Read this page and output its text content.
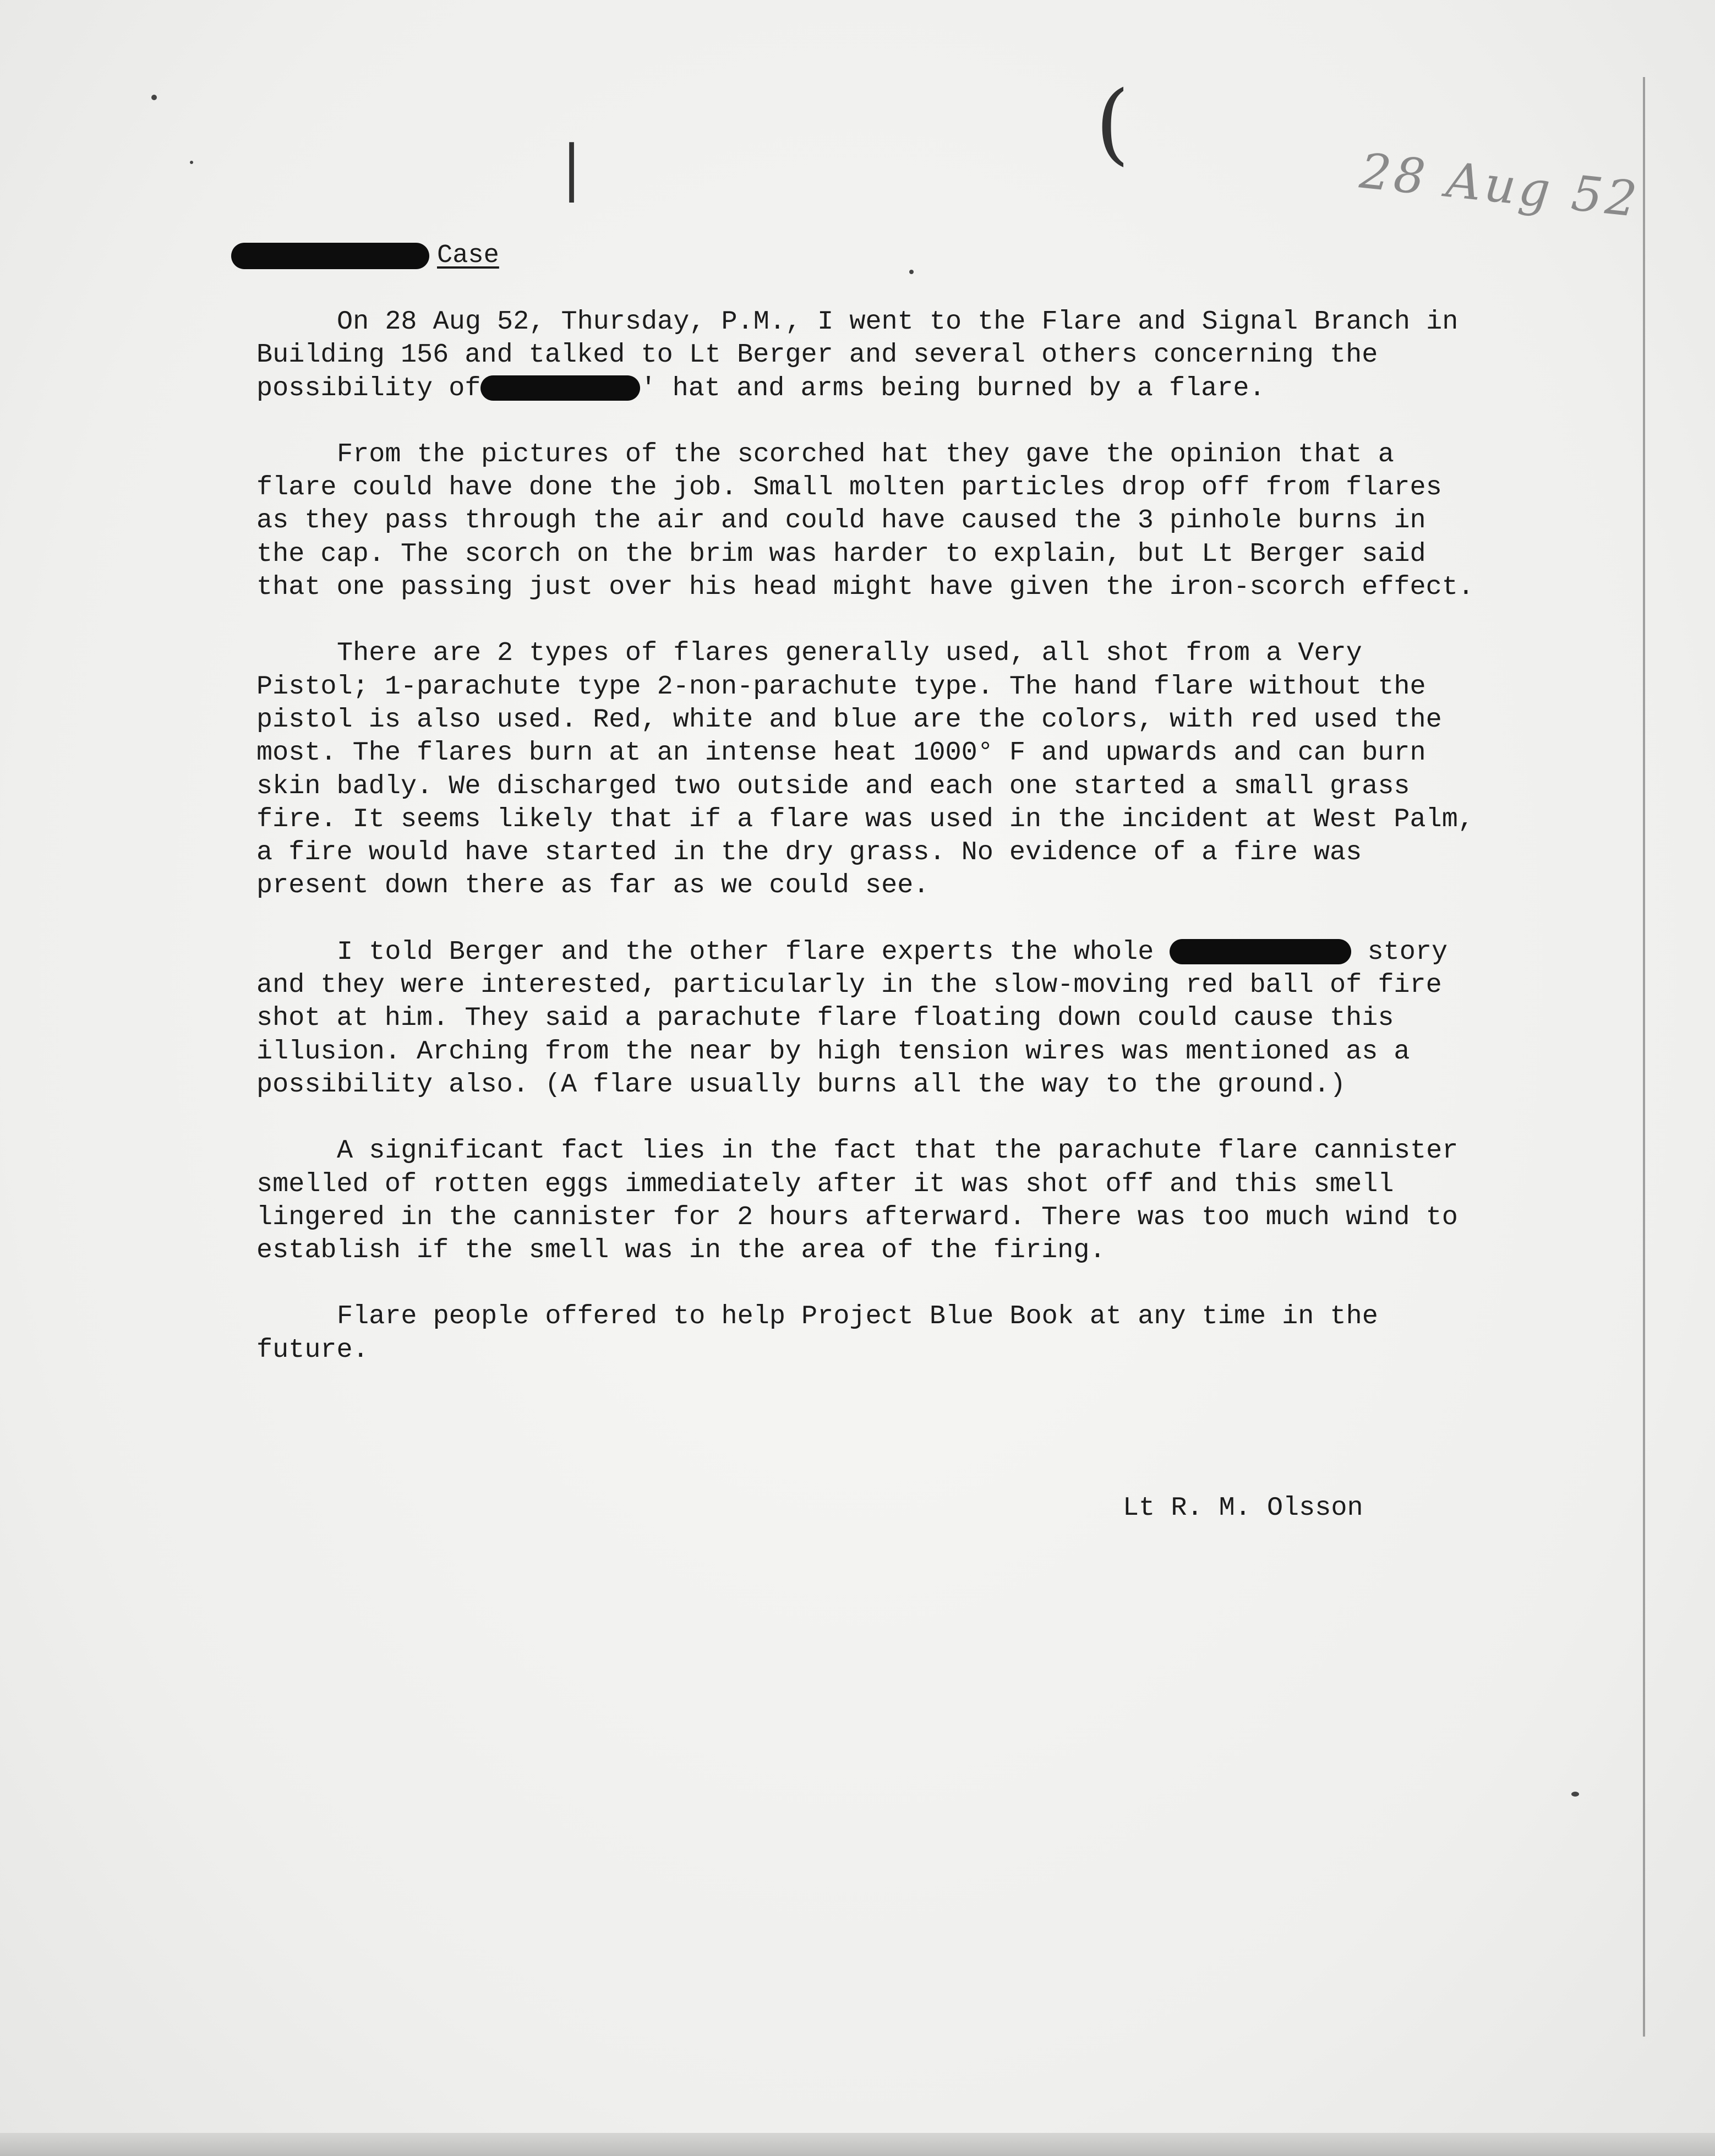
|	(
28 Aug 52
Case

On 28 Aug 52, Thursday, P.M., I went to the Flare and Signal Branch in Building 156 and talked to Lt Berger and several others concerning the possibility of	' hat and arms being burned by a flare.

From the pictures of the scorched hat they gave the opinion that a flare could have done the job. Small molten particles drop off from flares as they pass through the air and could have caused the 3 pinhole burns in the cap. The scorch on the brim was harder to explain, but Lt Berger said that one passing just over his head might have given the iron-scorch effect.

There are 2 types of flares generally used, all shot from a Very Pistol; 1-parachute type 2-non-parachute type. The hand flare without the pistol is also used. Red, white and blue are the colors, with red used the most. The flares burn at an intense heat 1000° F and upwards and can burn skin badly. We discharged two outside and each one started a small grass fire. It seems likely that if a flare was used in the incident at West Palm, a fire would have started in the dry grass. No evidence of a fire was present down there as far as we could see.

I told Berger and the other flare experts the whole	story and they were interested, particularly in the slow-moving red ball of fire shot at him. They said a parachute flare floating down could cause this illusion. Arching from the near by high tension wires was mentioned as a possibility also. (A flare usually burns all the way to the ground.)

A significant fact lies in the fact that the parachute flare cannister smelled of rotten eggs immediately after it was shot off and this smell lingered in the cannister for 2 hours afterward. There was too much wind to establish if the smell was in the area of the firing.

Flare people offered to help Project Blue Book at any time in the future.

Lt R. M. Olsson
